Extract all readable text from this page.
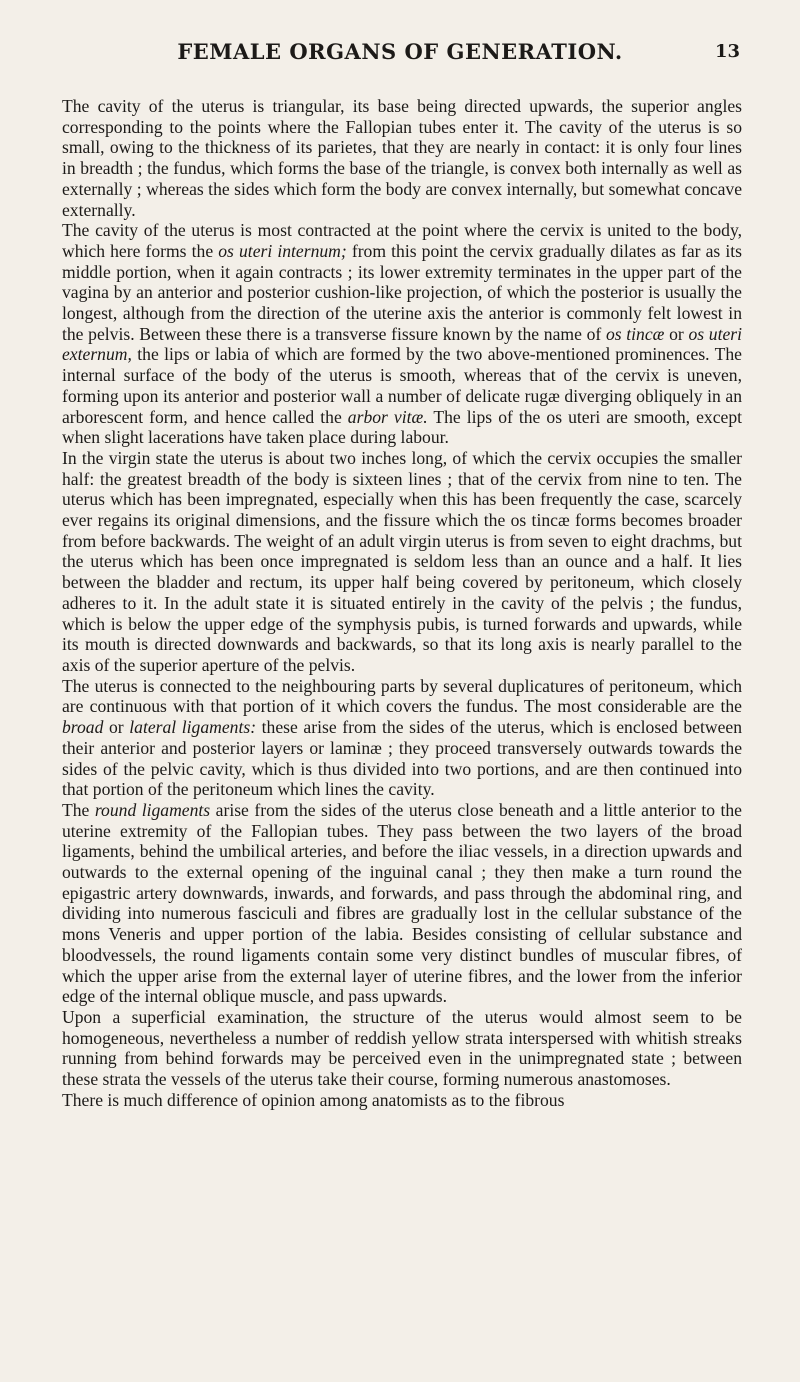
FEMALE ORGANS OF GENERATION.	13

The cavity of the uterus is triangular, its base being directed upwards, the superior angles corresponding to the points where the Fallopian tubes enter it. The cavity of the uterus is so small, owing to the thickness of its parietes, that they are nearly in contact: it is only four lines in breadth ; the fundus, which forms the base of the triangle, is convex both internally as well as externally ; whereas the sides which form the body are convex internally, but somewhat concave externally.

The cavity of the uterus is most contracted at the point where the cervix is united to the body, which here forms the os uteri internum; from this point the cervix gradually dilates as far as its middle portion, when it again contracts ; its lower extremity terminates in the upper part of the vagina by an anterior and posterior cushion-like projection, of which the posterior is usually the longest, although from the direction of the uterine axis the anterior is commonly felt lowest in the pelvis. Between these there is a transverse fissure known by the name of os tincæ or os uteri externum, the lips or labia of which are formed by the two above-mentioned prominences. The internal surface of the body of the uterus is smooth, whereas that of the cervix is uneven, forming upon its anterior and posterior wall a number of delicate rugæ diverging obliquely in an arborescent form, and hence called the arbor vitæ. The lips of the os uteri are smooth, except when slight lacerations have taken place during labour.

In the virgin state the uterus is about two inches long, of which the cervix occupies the smaller half: the greatest breadth of the body is sixteen lines ; that of the cervix from nine to ten. The uterus which has been impregnated, especially when this has been frequently the case, scarcely ever regains its original dimensions, and the fissure which the os tincæ forms becomes broader from before backwards. The weight of an adult virgin uterus is from seven to eight drachms, but the uterus which has been once impregnated is seldom less than an ounce and a half. It lies between the bladder and rectum, its upper half being covered by peritoneum, which closely adheres to it. In the adult state it is situated entirely in the cavity of the pelvis ; the fundus, which is below the upper edge of the symphysis pubis, is turned forwards and upwards, while its mouth is directed downwards and backwards, so that its long axis is nearly parallel to the axis of the superior aperture of the pelvis.

The uterus is connected to the neighbouring parts by several duplicatures of peritoneum, which are continuous with that portion of it which covers the fundus. The most considerable are the broad or lateral ligaments: these arise from the sides of the uterus, which is enclosed between their anterior and posterior layers or laminæ ; they proceed transversely outwards towards the sides of the pelvic cavity, which is thus divided into two portions, and are then continued into that portion of the peritoneum which lines the cavity.

The round ligaments arise from the sides of the uterus close beneath and a little anterior to the uterine extremity of the Fallopian tubes. They pass between the two layers of the broad ligaments, behind the umbilical arteries, and before the iliac vessels, in a direction upwards and outwards to the external opening of the inguinal canal ; they then make a turn round the epigastric artery downwards, inwards, and forwards, and pass through the abdominal ring, and dividing into numerous fasciculi and fibres are gradually lost in the cellular substance of the mons Veneris and upper portion of the labia. Besides consisting of cellular substance and bloodvessels, the round ligaments contain some very distinct bundles of muscular fibres, of which the upper arise from the external layer of uterine fibres, and the lower from the inferior edge of the internal oblique muscle, and pass upwards.

Upon a superficial examination, the structure of the uterus would almost seem to be homogeneous, nevertheless a number of reddish yellow strata interspersed with whitish streaks running from behind forwards may be perceived even in the unimpregnated state ; between these strata the vessels of the uterus take their course, forming numerous anastomoses.

There is much difference of opinion among anatomists as to the fibrous
